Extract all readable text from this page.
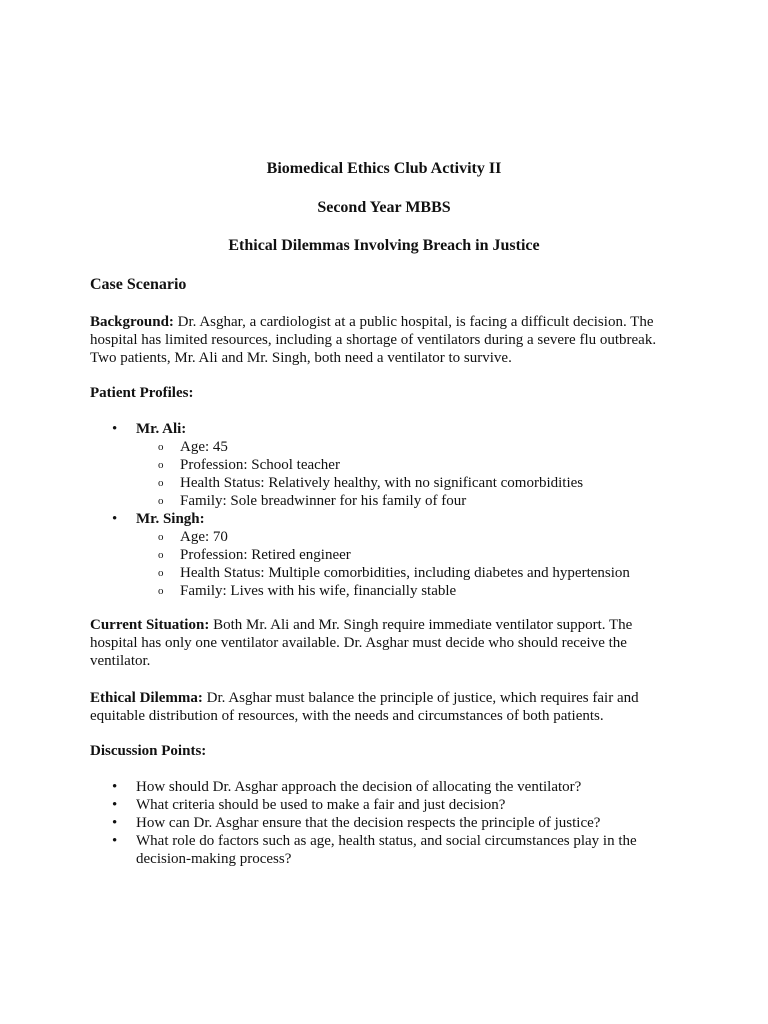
Biomedical Ethics Club Activity II
Second Year MBBS
Ethical Dilemmas Involving Breach in Justice
Case Scenario

Background: Dr. Asghar, a cardiologist at a public hospital, is facing a difficult decision. The hospital has limited resources, including a shortage of ventilators during a severe flu outbreak. Two patients, Mr. Ali and Mr. Singh, both need a ventilator to survive.

Patient Profiles:
• Mr. Ali:
o Age: 45
o Profession: School teacher
o Health Status: Relatively healthy, with no significant comorbidities
o Family: Sole breadwinner for his family of four
• Mr. Singh:
o Age: 70
o Profession: Retired engineer
o Health Status: Multiple comorbidities, including diabetes and hypertension
o Family: Lives with his wife, financially stable

Current Situation: Both Mr. Ali and Mr. Singh require immediate ventilator support. The hospital has only one ventilator available. Dr. Asghar must decide who should receive the ventilator.

Ethical Dilemma: Dr. Asghar must balance the principle of justice, which requires fair and equitable distribution of resources, with the needs and circumstances of both patients.

Discussion Points:
• How should Dr. Asghar approach the decision of allocating the ventilator?
• What criteria should be used to make a fair and just decision?
• How can Dr. Asghar ensure that the decision respects the principle of justice?
• What role do factors such as age, health status, and social circumstances play in the decision-making process?
